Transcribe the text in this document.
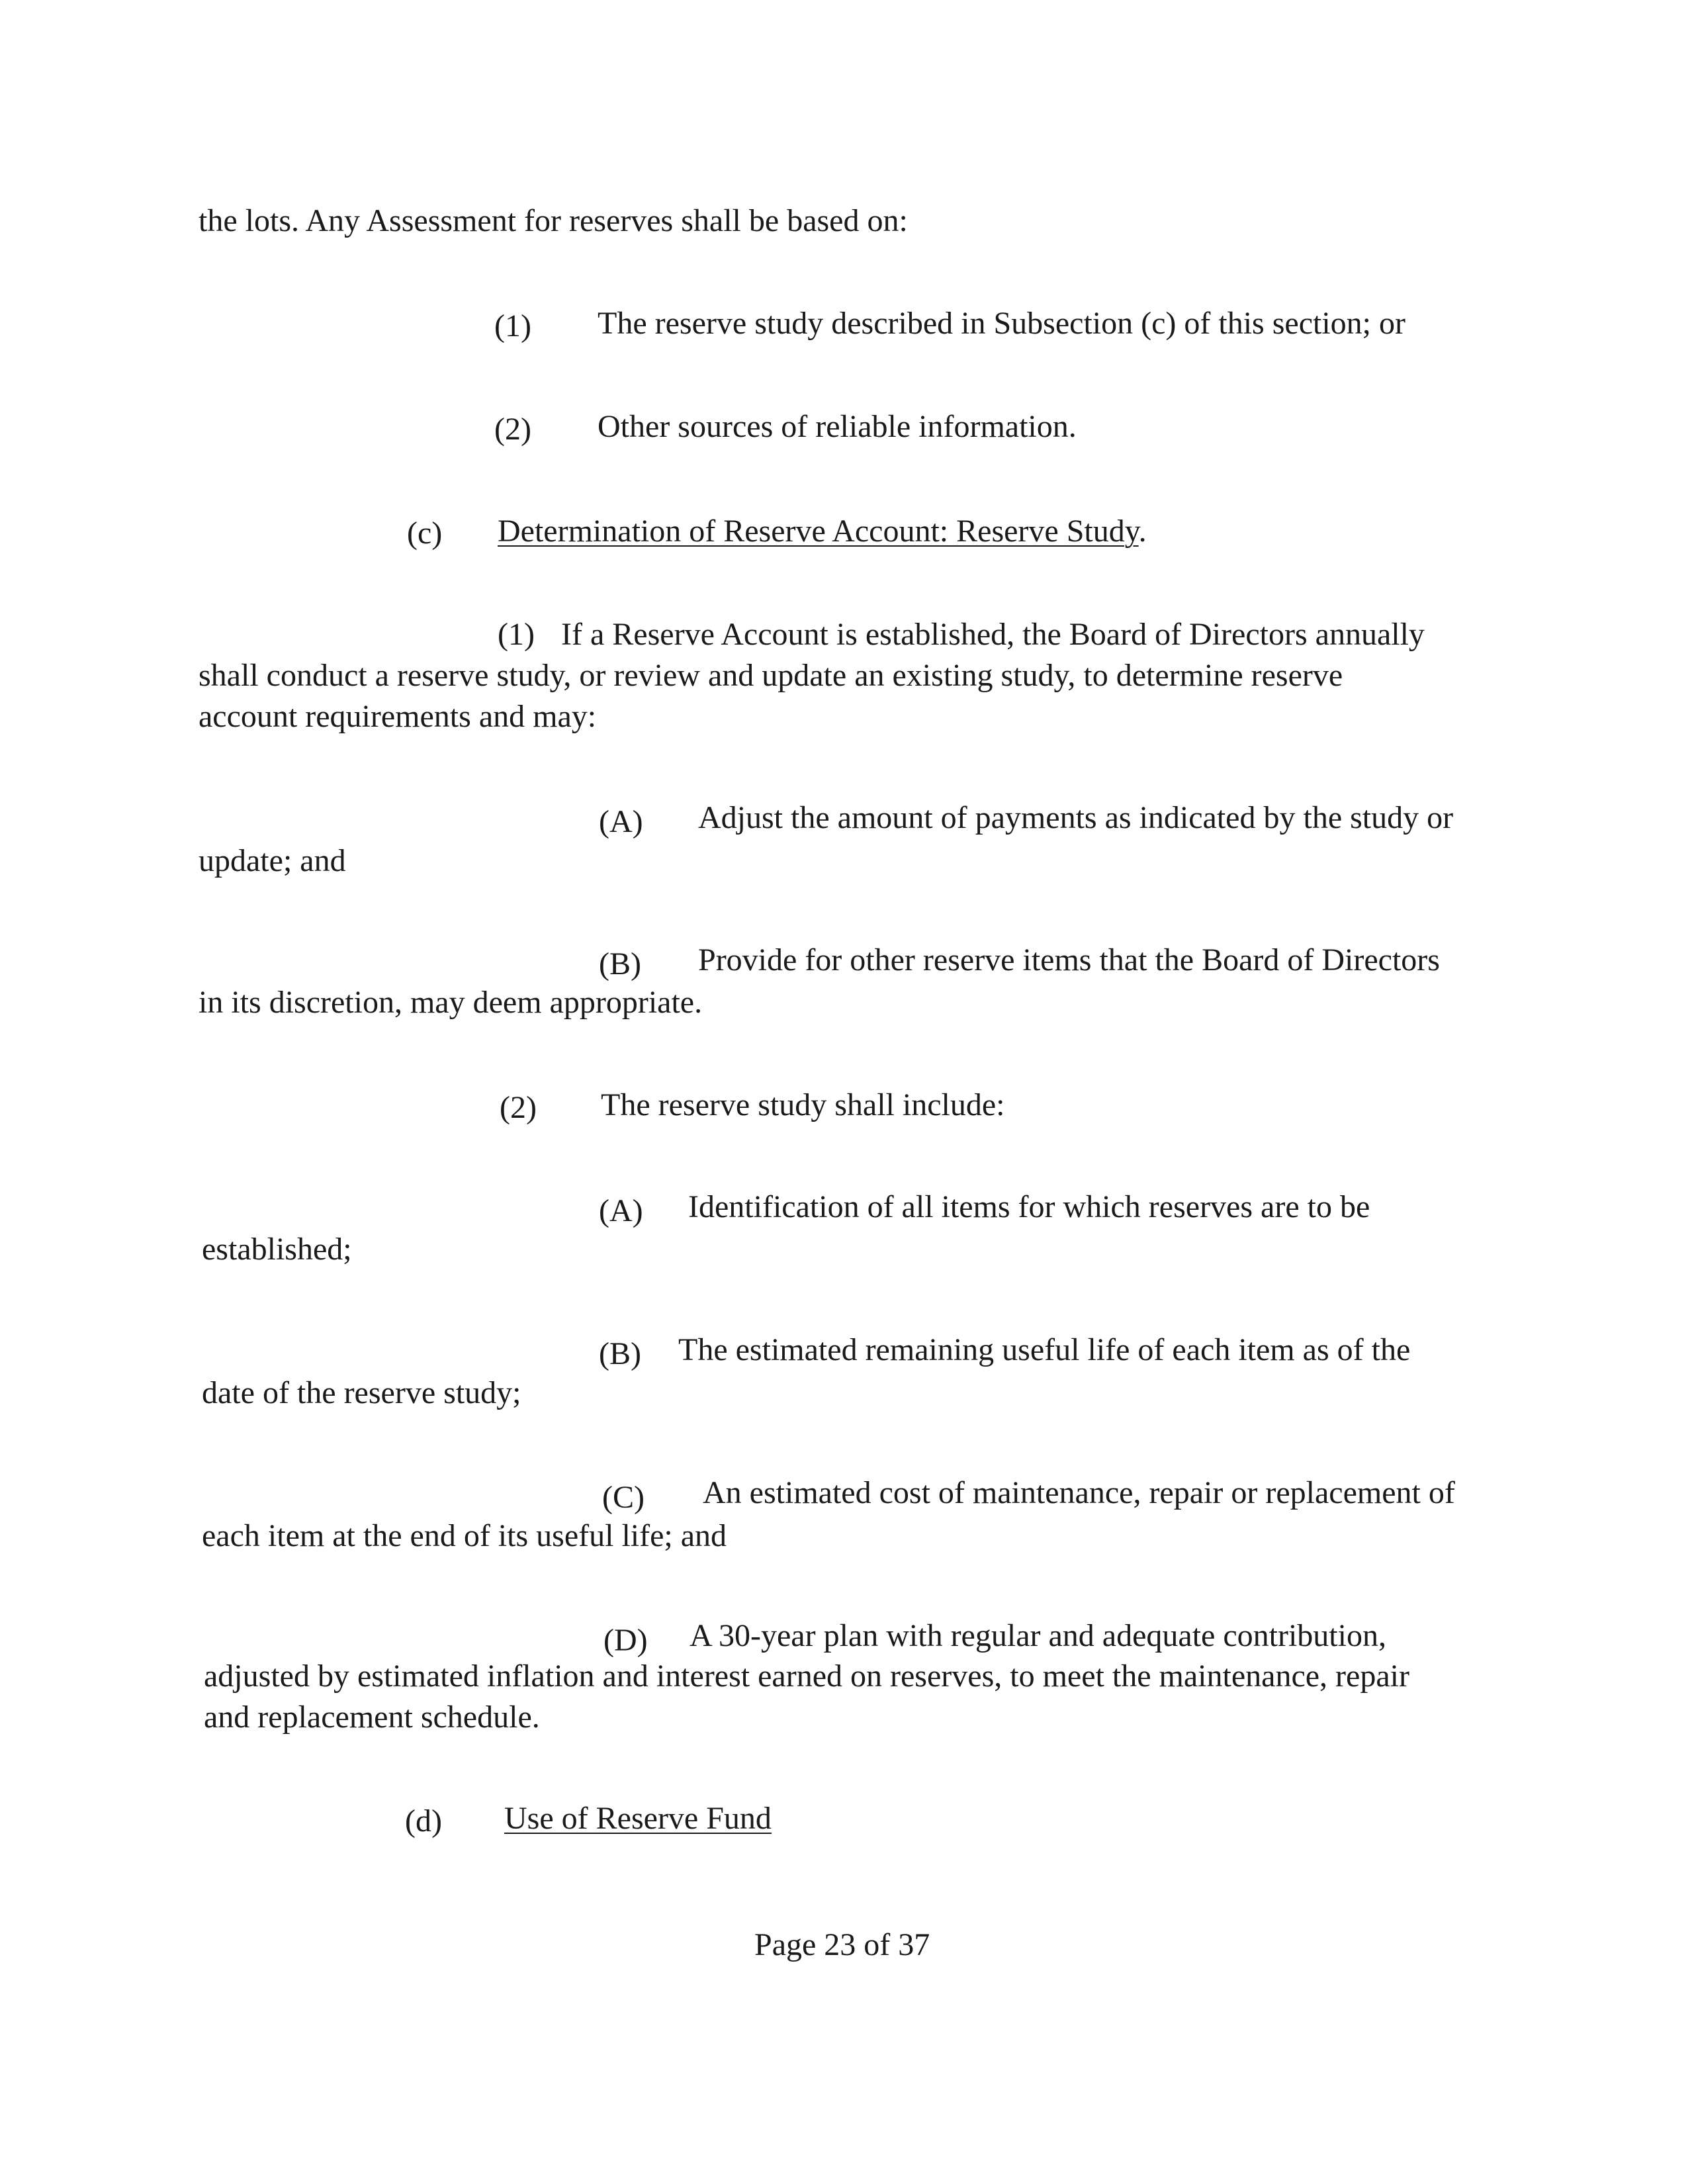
the lots. Any Assessment for reserves shall be based on:
(1) The reserve study described in Subsection (c) of this section; or
(2) Other sources of reliable information.
(c) Determination of Reserve Account: Reserve Study.
(1) If a Reserve Account is established, the Board of Directors annually
shall conduct a reserve study, or review and update an existing study, to determine reserve
account requirements and may:
(A) Adjust the amount of payments as indicated by the study or
update; and
(B) Provide for other reserve items that the Board of Directors
in its discretion, may deem appropriate.
(2) The reserve study shall include:
(A) Identification of all items for which reserves are to be
established;
(B) The estimated remaining useful life of each item as of the
date of the reserve study;
(C) An estimated cost of maintenance, repair or replacement of
each item at the end of its useful life; and
(D) A 30-year plan with regular and adequate contribution,
adjusted by estimated inflation and interest earned on reserves, to meet the maintenance, repair
and replacement schedule.
(d) Use of Reserve Fund
Page 23 of 37
